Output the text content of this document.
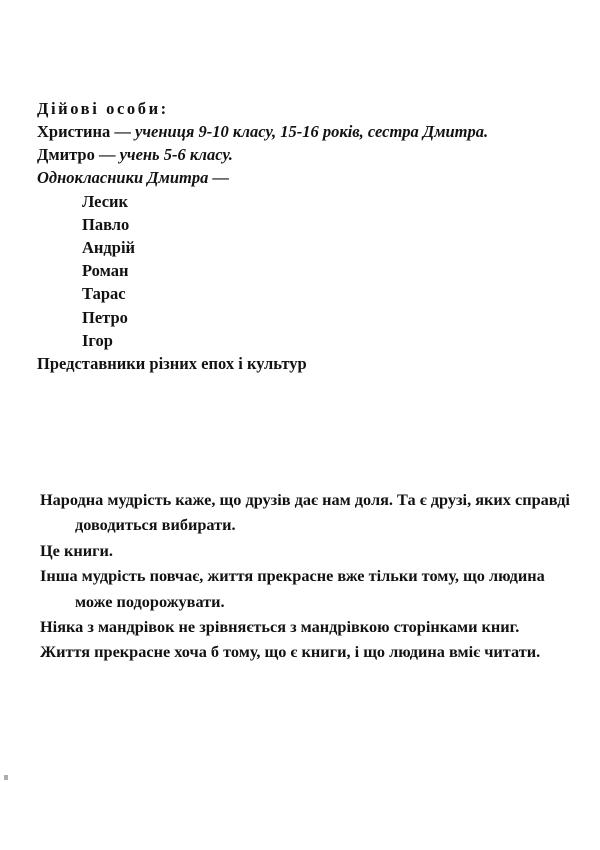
Дійові особи:
Христина — учениця 9-10 класу, 15-16 років, сестра Дмитра.
Дмитро — учень 5-6 класу.
Однокласники Дмитра —
Лесик
Павло
Андрій
Роман
Тарас
Петро
Ігор
Представники різних епох і культур

Народна мудрість каже, що друзів дає нам доля. Та є друзі, яких справді доводиться вибирати.

Це книги.

Інша мудрість повчає, життя прекрасне вже тільки тому, що людина може подорожувати.

Ніяка з мандрівок не зрівняється з мандрівкою сторінками книг.

Життя прекрасне хоча б тому, що є книги, і що людина вміє читати.
